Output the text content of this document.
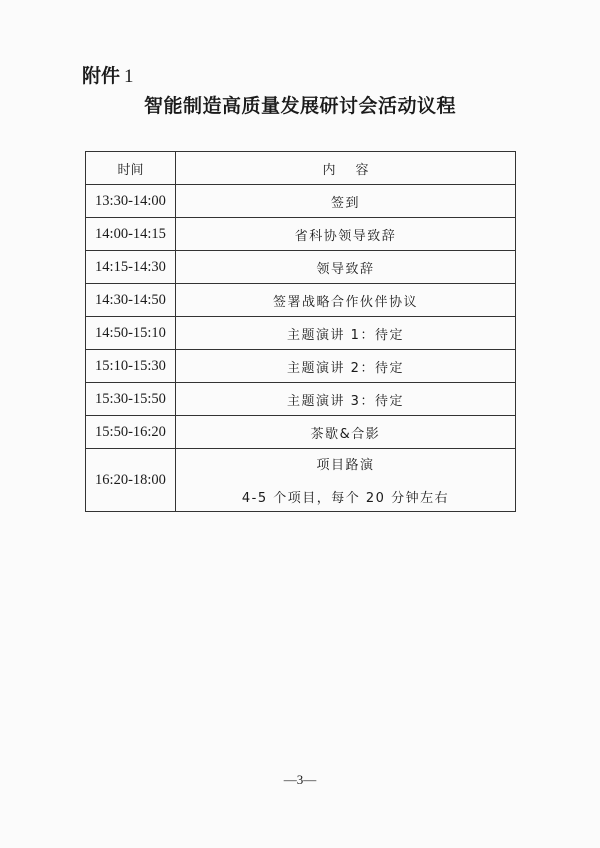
附件 1
智能制造高质量发展研讨会活动议程
时间	内容
13:30-14:00	签到
14:00-14:15	省科协领导致辞
14:15-14:30	领导致辞
14:30-14:50	签署战略合作伙伴协议
14:50-15:10	主题演讲 1：待定
15:10-15:30	主题演讲 2：待定
15:30-15:50	主题演讲 3：待定
15:50-16:20	茶歇&合影
16:20-18:00	项目路演
4-5 个项目，每个 20 分钟左右
—3—
